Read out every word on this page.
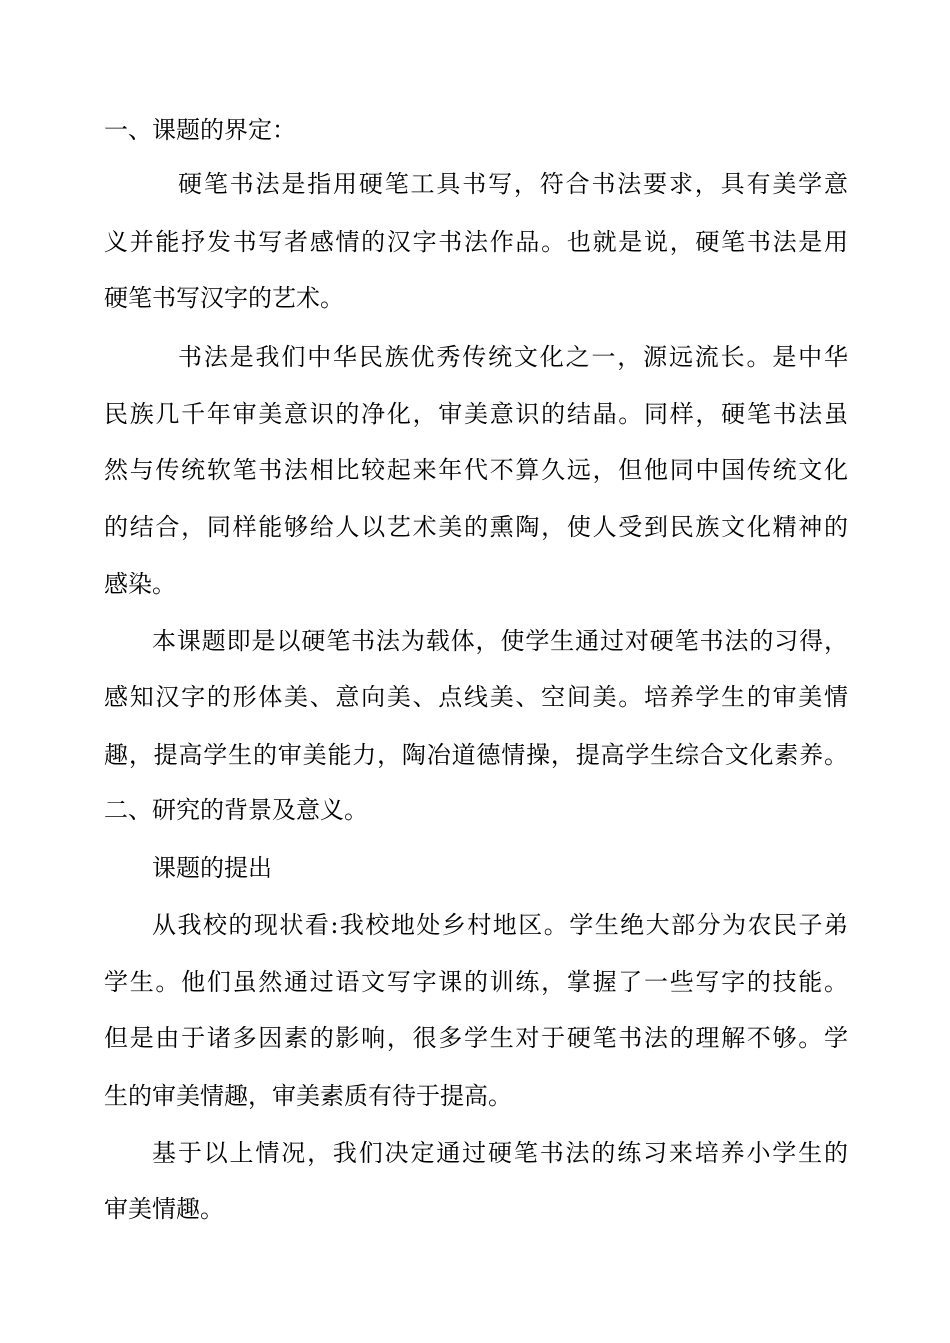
一、课题的界定：

硬笔书法是指用硬笔工具书写，符合书法要求，具有美学意

义并能抒发书写者感情的汉字书法作品。也就是说，硬笔书法是用

硬笔书写汉字的艺术。

书法是我们中华民族优秀传统文化之一，源远流长。是中华

民族几千年审美意识的净化，审美意识的结晶。同样，硬笔书法虽

然与传统软笔书法相比较起来年代不算久远，但他同中国传统文化

的结合，同样能够给人以艺术美的熏陶，使人受到民族文化精神的

感染。

本课题即是以硬笔书法为载体，使学生通过对硬笔书法的习得，

感知汉字的形体美、意向美、点线美、空间美。培养学生的审美情

趣，提高学生的审美能力，陶冶道德情操，提高学生综合文化素养。

二、研究的背景及意义。

课题的提出

从我校的现状看:我校地处乡村地区。学生绝大部分为农民子弟

学生。他们虽然通过语文写字课的训练，掌握了一些写字的技能。

但是由于诸多因素的影响，很多学生对于硬笔书法的理解不够。学

生的审美情趣，审美素质有待于提高。

基于以上情况，我们决定通过硬笔书法的练习来培养小学生的

审美情趣。
